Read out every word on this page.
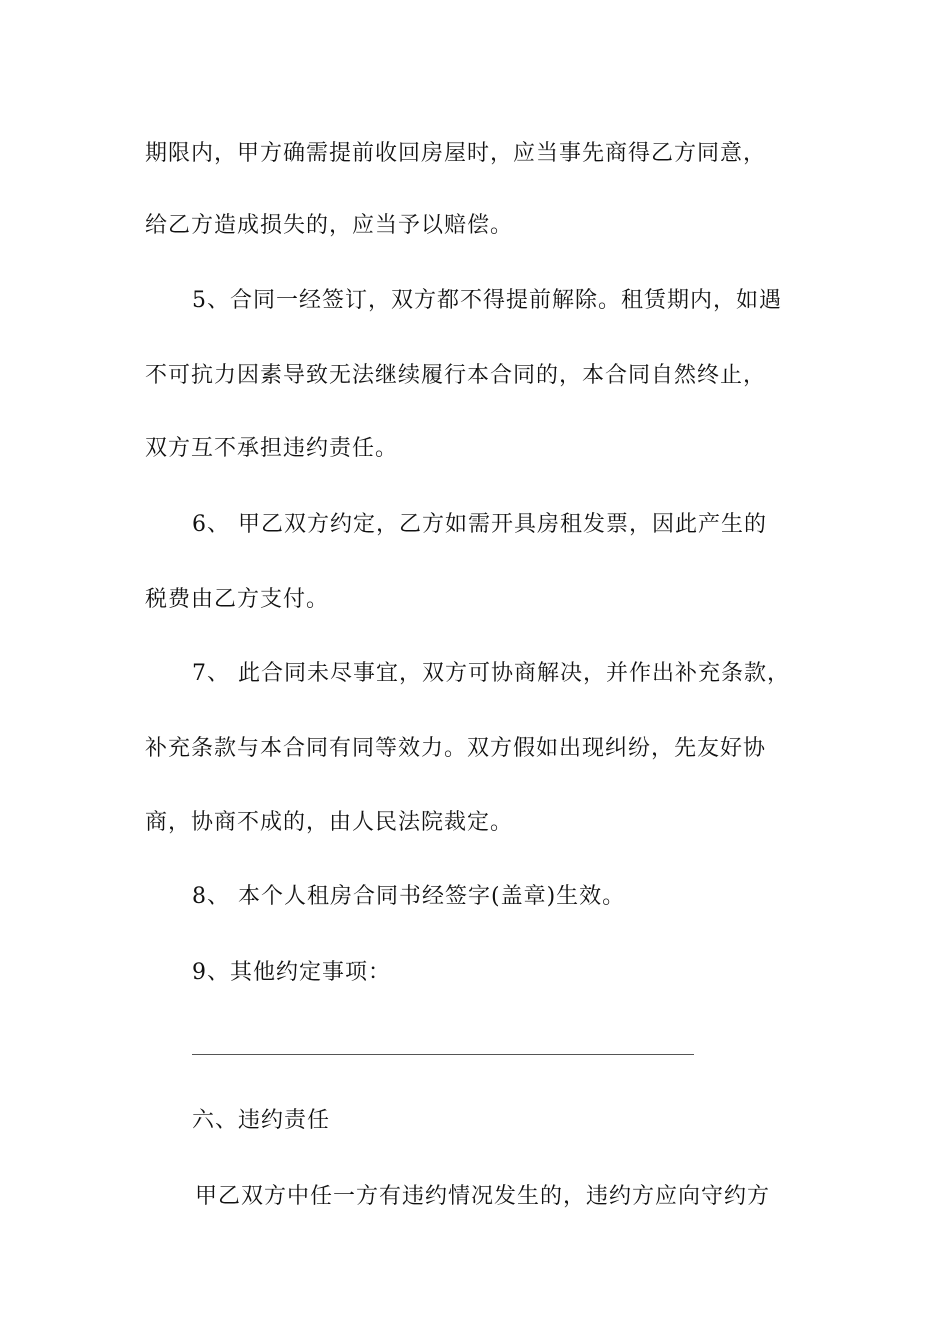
期限内，甲方确需提前收回房屋时，应当事先商得乙方同意，
给乙方造成损失的，应当予以赔偿。
5、合同一经签订，双方都不得提前解除。租赁期内，如遇
不可抗力因素导致无法继续履行本合同的，本合同自然终止，
双方互不承担违约责任。
6、 甲乙双方约定，乙方如需开具房租发票，因此产生的
税费由乙方支付。
7、 此合同未尽事宜，双方可协商解决，并作出补充条款，
补充条款与本合同有同等效力。双方假如出现纠纷，先友好协
商，协商不成的，由人民法院裁定。
8、 本个人租房合同书经签字(盖章)生效。
9、其他约定事项：
六、违约责任
甲乙双方中任一方有违约情况发生的，违约方应向守约方
